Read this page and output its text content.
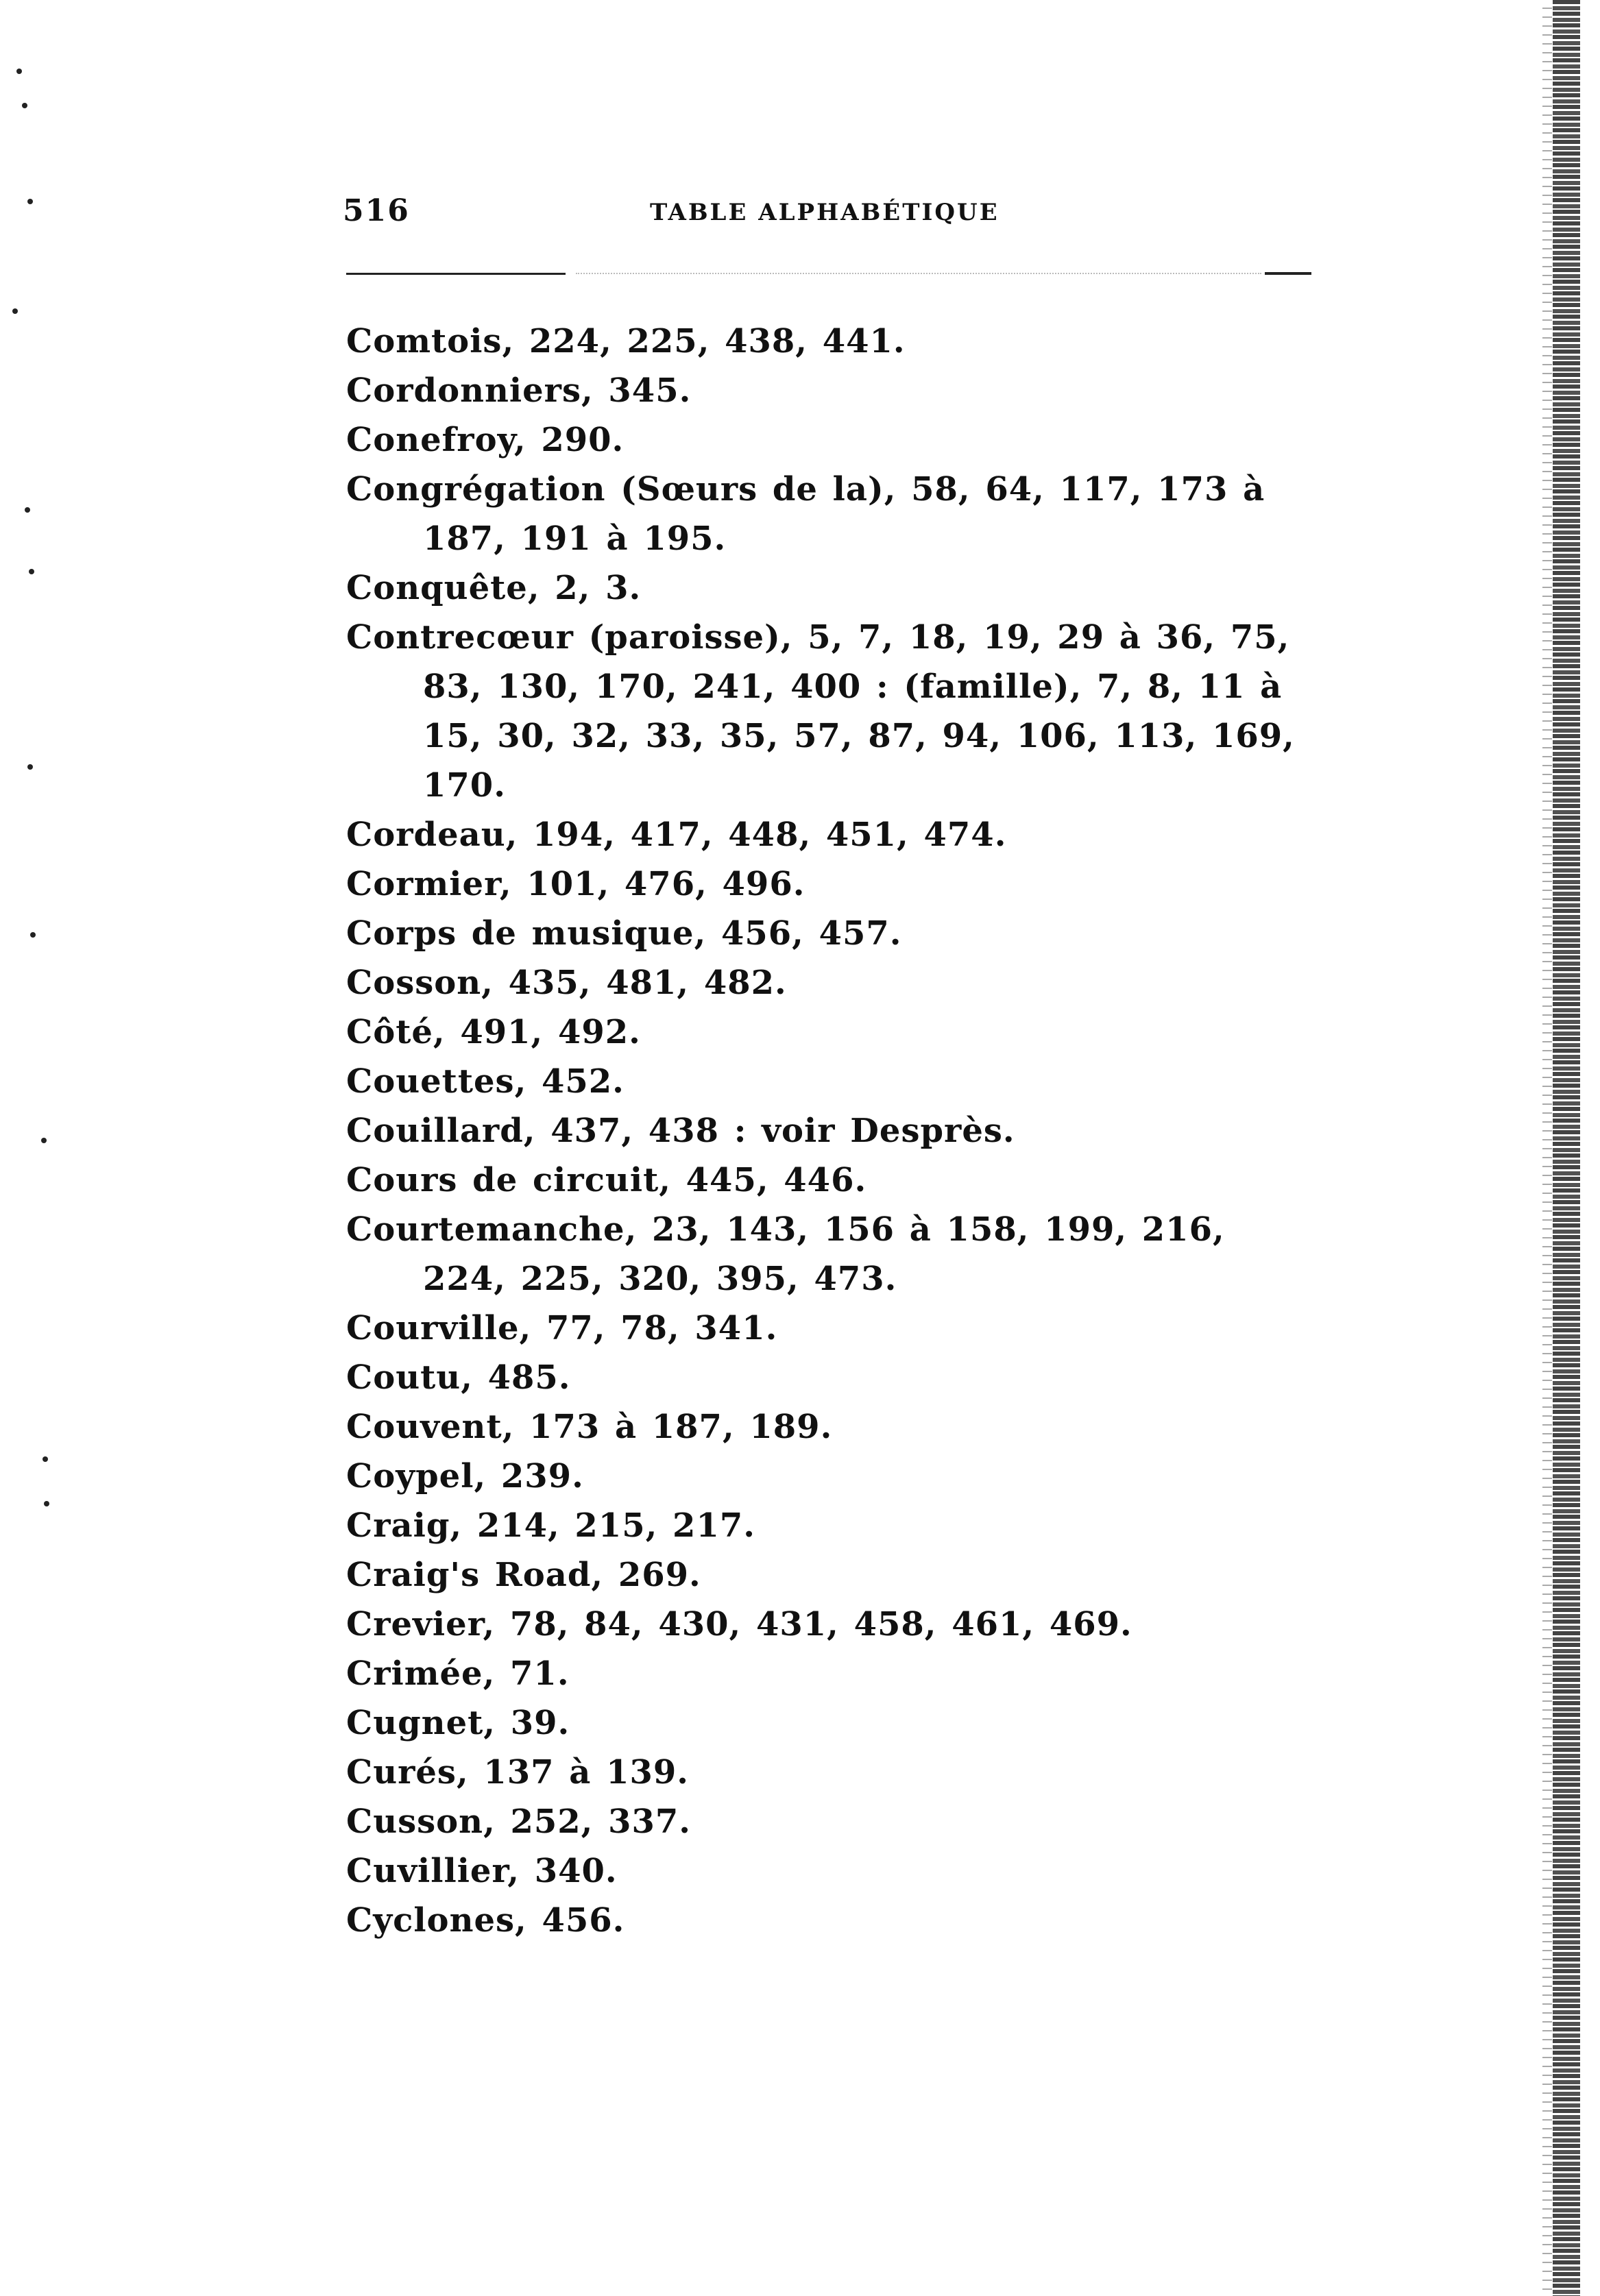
516	TABLE ALPHABÉTIQUE
Comtois, 224, 225, 438, 441.
Cordonniers, 345.
Conefroy, 290.
Congrégation (Sœurs de la), 58, 64, 117, 173 à 187, 191 à 195.
Conquête, 2, 3.
Contrecœur (paroisse), 5, 7, 18, 19, 29 à 36, 75, 83, 130, 170, 241, 400 : (famille), 7, 8, 11 à 15, 30, 32, 33, 35, 57, 87, 94, 106, 113, 169, 170.
Cordeau, 194, 417, 448, 451, 474.
Cormier, 101, 476, 496.
Corps de musique, 456, 457.
Cosson, 435, 481, 482.
Côté, 491, 492.
Couettes, 452.
Couillard, 437, 438 : voir Desprès.
Cours de circuit, 445, 446.
Courtemanche, 23, 143, 156 à 158, 199, 216, 224, 225, 320, 395, 473.
Courville, 77, 78, 341.
Coutu, 485.
Couvent, 173 à 187, 189.
Coypel, 239.
Craig, 214, 215, 217.
Craig's Road, 269.
Crevier, 78, 84, 430, 431, 458, 461, 469.
Crimée, 71.
Cugnet, 39.
Curés, 137 à 139.
Cusson, 252, 337.
Cuvillier, 340.
Cyclones, 456.
